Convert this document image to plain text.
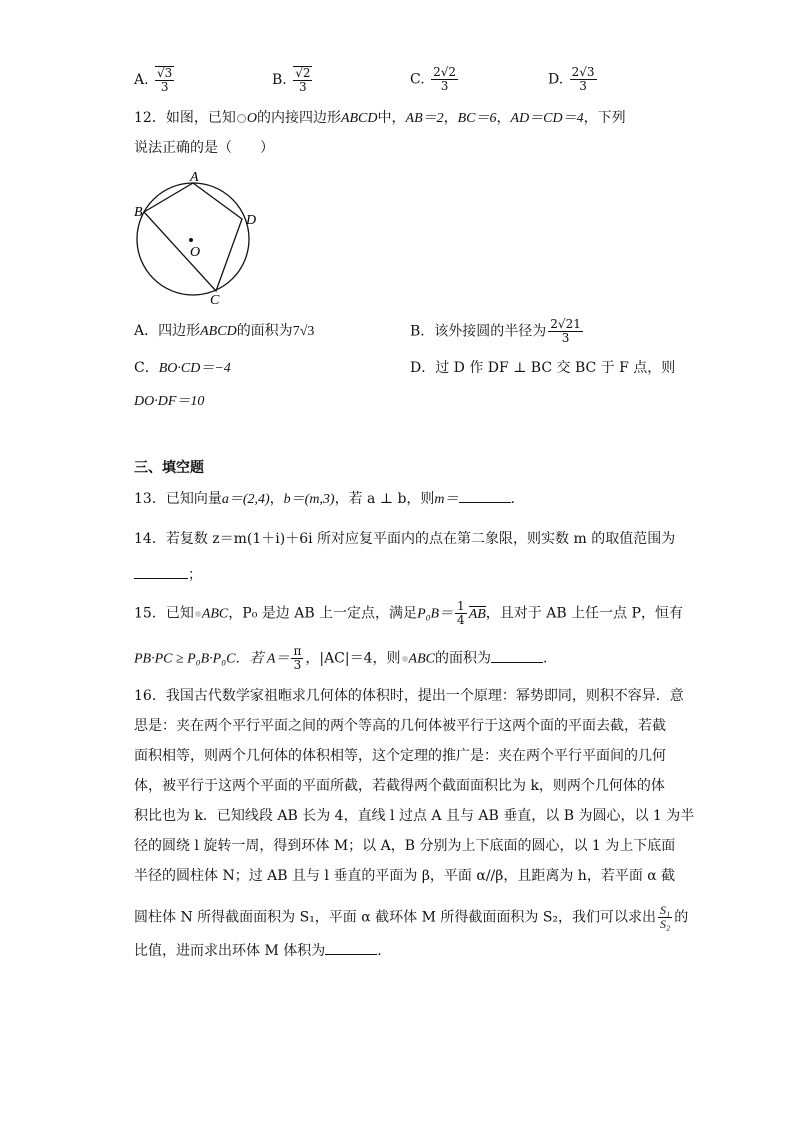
A. $\frac{√3}{3}$	B. $\frac{√2}{3}$	C. $\frac{2√2}{3}$	D. $\frac{2√3}{3}$
12．如图，已知 O的内接四边形ABCD中，AB＝2，BC＝6，AD＝CD＝4，下列
说法正确的是（　　）
A
B
D
C
O
A．四边形ABCD的面积为7√3	B．该外接圆的半径为 $\frac{2√21}{3}$
C．BO·CD＝−4	D．过 D 作 DF ⊥ BC 交 BC 于 F 点，则
DO·DF＝10
三、填空题
13．已知向量a＝(2,4)，b＝(m,3)，若 a ⊥ b，则m＝	.
14．若复数 z＝m(1＋i)＋6i 所对应复平面内的点在第二象限，则实数 m 的取值范围为
；
15．已知 ABC，P₀ 是边 AB 上一定点，满足$P_0B= \frac{1}{4}$ AB，且对于 AB 上任一点 P，恒有
PB·PC ≥ P₀B·P₀C．若 $A= \frac{\pi}{3}$ ，|AC|＝4，则 ABC的面积为	.
16．我国古代数学家祖暅求几何体的体积时，提出一个原理：幂势即同，则积不容异．意
思是：夹在两个平行平面之间的两个等高的几何体被平行于这两个面的平面去截，若截
面积相等，则两个几何体的体积相等，这个定理的推广是：夹在两个平行平面间的几何
体，被平行于这两个平面的平面所截，若截得两个截面面积比为 k，则两个几何体的体
积比也为 k．已知线段 AB 长为 4，直线 l 过点 A 且与 AB 垂直，以 B 为圆心，以 1 为半
径的圆绕 l 旋转一周，得到环体 M；以 A，B 分别为上下底面的圆心，以 1 为上下底面
半径的圆柱体 N；过 AB 且与 l 垂直的平面为 β，平面 α//β，且距离为 h，若平面 α 截
圆柱体 N 所得截面面积为 S₁，平面 α 截环体 M 所得截面面积为 S₂，我们可以求出 $\frac{\text{S₁}}{\text{S₂}}$ 的
比值，进而求出环体 M 体积为	.
